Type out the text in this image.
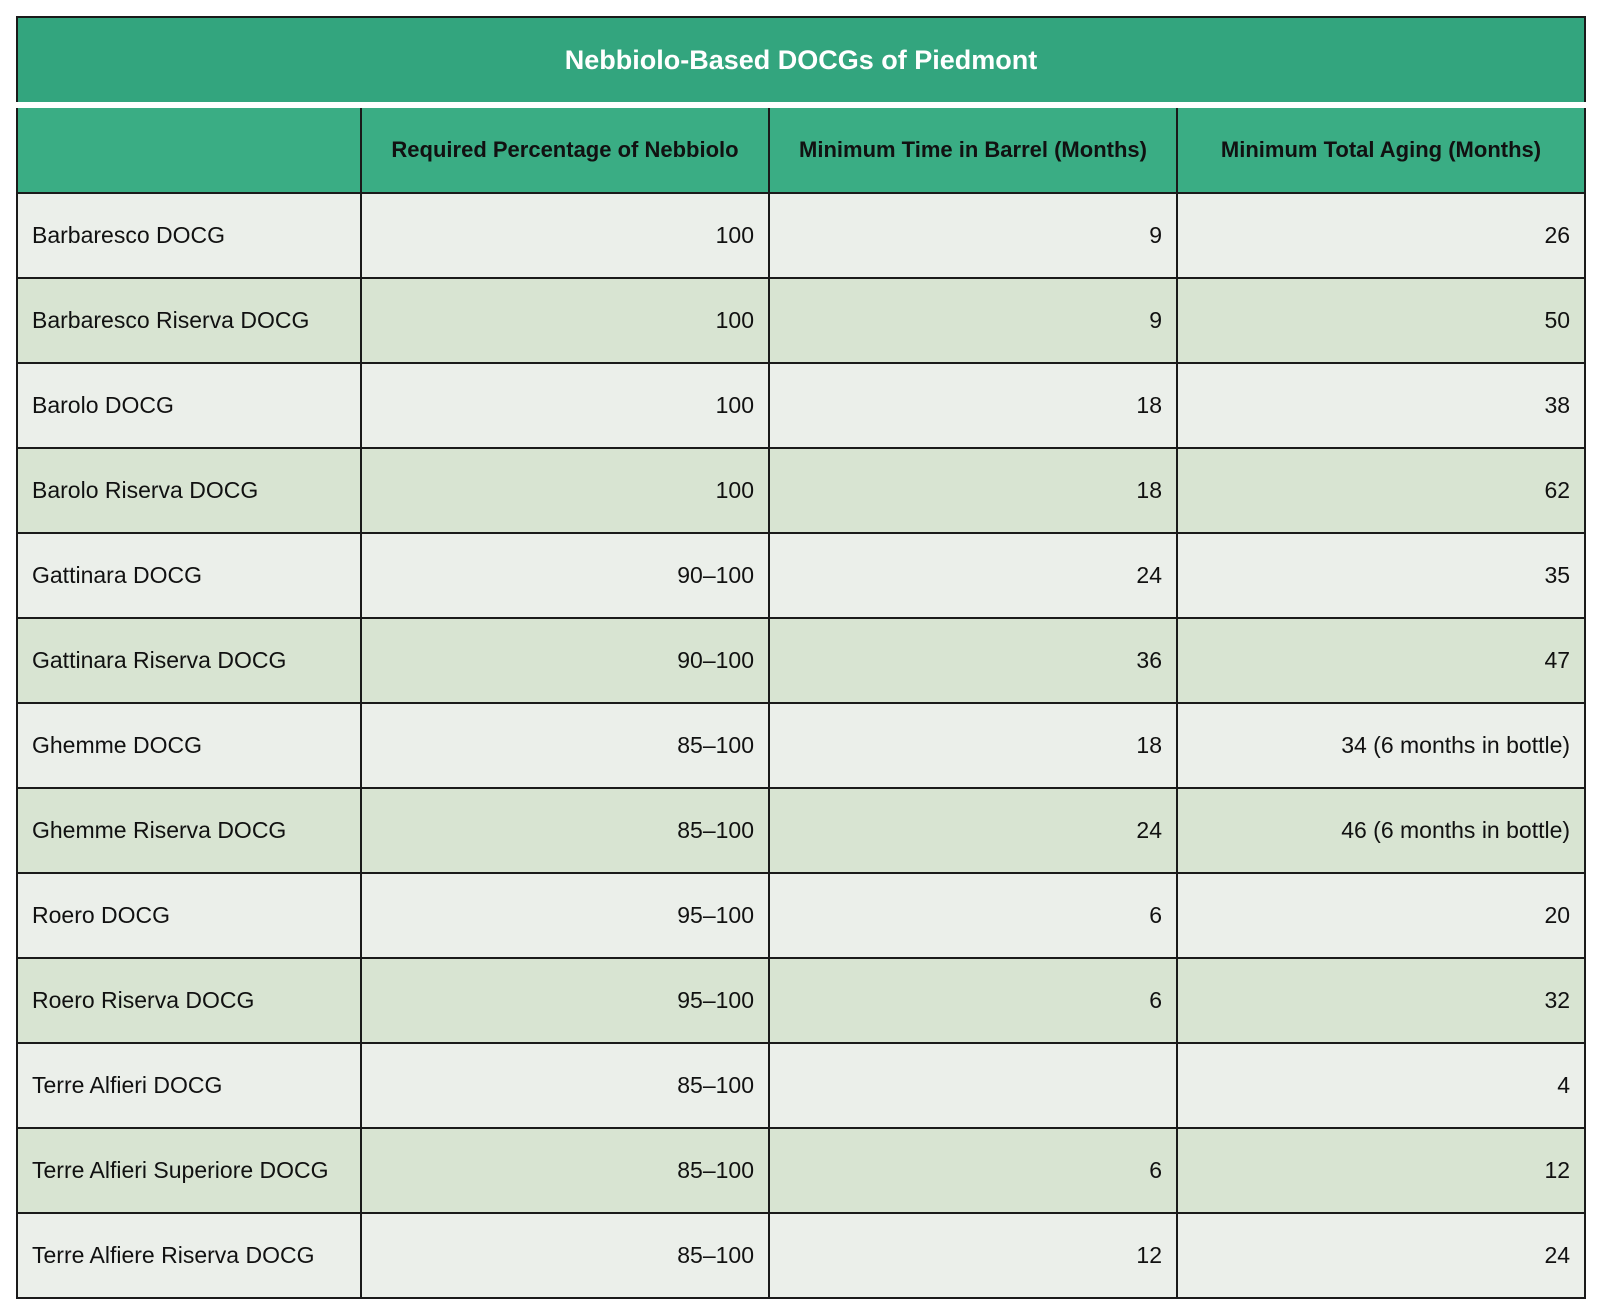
Nebbiolo-Based DOCGs of Piedmont			
	Required Percentage of Nebbiolo	Minimum Time in Barrel (Months)	Minimum Total Aging (Months)
Barbaresco DOCG	100	9	26
Barbaresco Riserva DOCG	100	9	50
Barolo DOCG	100	18	38
Barolo Riserva DOCG	100	18	62
Gattinara DOCG	90–100	24	35
Gattinara Riserva DOCG	90–100	36	47
Ghemme DOCG	85–100	18	34 (6 months in bottle)
Ghemme Riserva DOCG	85–100	24	46 (6 months in bottle)
Roero DOCG	95–100	6	20
Roero Riserva DOCG	95–100	6	32
Terre Alfieri DOCG	85–100		4
Terre Alfieri Superiore DOCG	85–100	6	12
Terre Alfiere Riserva DOCG	85–100	12	24
